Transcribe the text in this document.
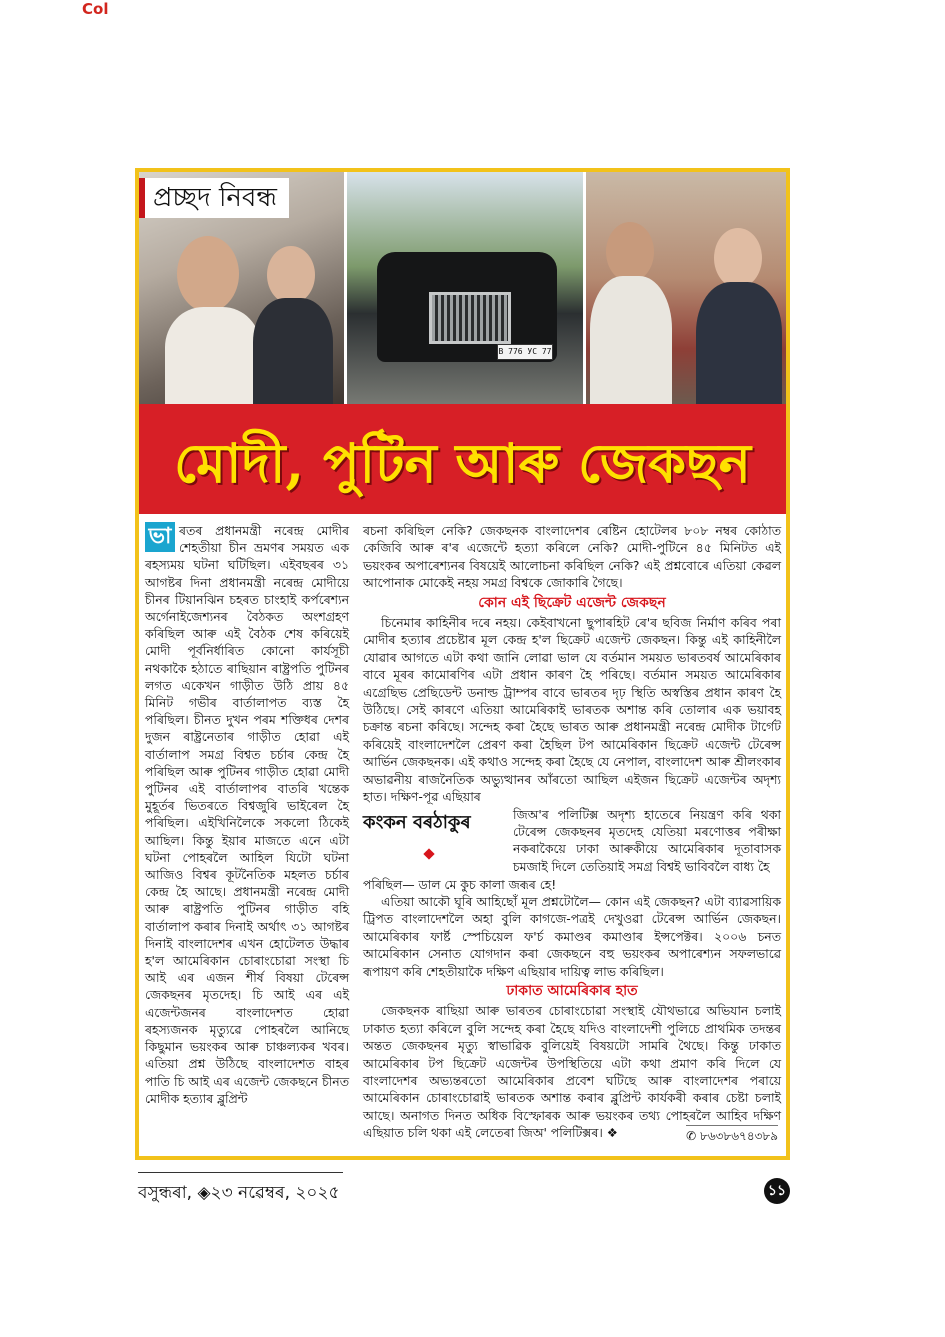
Col
В 776 УС 77
প্ৰচ্ছদ নিবন্ধ
মোদী, পুটিন আৰু জেকছন
ভা ৰতৰ প্ৰধানমন্ত্ৰী নৰেন্দ্ৰ মোদীৰ শেহতীয়া চীন ভ্ৰমণৰ সময়ত এক ৰহস্যময় ঘটনা ঘটিছিল। এইবছৰৰ ৩১ আগষ্টৰ দিনা প্ৰধানমন্ত্ৰী নৰেন্দ্ৰ মোদীয়ে চীনৰ টিয়ানঝিন চহৰত চাংহাই কৰ্পৰেশ্যন অৰ্গেনাইজেশ্যনৰ বৈঠকত অংশগ্ৰহণ কৰিছিল আৰু এই বৈঠক শেষ কৰিয়েই মোদী পূৰ্বনিৰ্ধাৰিত কোনো কাৰ্যসূচী নথকাকৈ হঠাতে ৰাছিয়ান ৰাষ্ট্ৰপতি পুটিনৰ লগত একেখন গাড়ীত উঠি প্ৰায় ৪৫ মিনিট গভীৰ বাৰ্তালাপত ব্যস্ত হৈ পৰিছিল। চীনত দুখন পৰম শক্তিধৰ দেশৰ দুজন ৰাষ্ট্ৰনেতাৰ গাড়ীত হোৱা এই বাৰ্তালাপ সমগ্ৰ বিশ্বত চৰ্চাৰ কেন্দ্ৰ হৈ পৰিছিল আৰু পুটিনৰ গাড়ীত হোৱা মোদী পুটিনৰ এই বাৰ্তালাপৰ বাতৰি খন্তেক মুহূৰ্তৰ ভিতৰতে বিশ্বজুৰি ভাইৰেল হৈ পৰিছিল। এইখিনিলৈকে সকলো ঠিকেই আছিল। কিন্তু ইয়াৰ মাজতে এনে এটা ঘটনা পোহৰলৈ আহিল যিটো ঘটনা আজিও বিশ্বৰ কূটনৈতিক মহলত চৰ্চাৰ কেন্দ্ৰ হৈ আছে। প্ৰধানমন্ত্ৰী নৰেন্দ্ৰ মোদী আৰু ৰাষ্ট্ৰপতি পুটিনৰ গাড়ীত বহি বাৰ্তালাপ কৰাৰ দিনাই অৰ্থাৎ ৩১ আগষ্টৰ দিনাই বাংলাদেশৰ এখন হোটেলত উদ্ধাৰ হ'ল আমেৰিকান চোৰাংচোৱা সংস্থা চি আই এৰ এজন শীৰ্ষ বিষয়া টেৰেন্স জেকছনৰ মৃতদেহ। চি আই এৰ এই এজেন্টজনৰ বাংলাদেশত হোৱা ৰহস্যজনক মৃত্যুৱে পোহৰলৈ আনিছে কিছুমান ভয়ংকৰ আৰু চাঞ্চল্যকৰ খবৰ। এতিয়া প্ৰশ্ন উঠিছে বাংলাদেশত বাহৰ পাতি চি আই এৰ এজেন্ট জেকছনে চীনত মোদীক হত্যাৰ ব্লুপ্ৰিন্ট

ৰচনা কৰিছিল নেকি? জেকছনক বাংলাদেশৰ ৰেষ্টিন হোটেলৰ ৮০৮ নম্বৰ কোঠাত কেজিবি আৰু ৰ'ৰ এজেন্টে হত্যা কৰিলে নেকি? মোদী-পুটিনে ৪৫ মিনিটত এই ভয়ংকৰ অপাৰেশ্যনৰ বিষয়েই আলোচনা কৰিছিল নেকি? এই প্ৰশ্নবোৰে এতিয়া কেৱল আপোনাক মোকেই নহয় সমগ্ৰ বিশ্বকে জোকাৰি গৈছে।

কোন এই ছিক্ৰেট এজেন্ট জেকছন

চিনেমাৰ কাহিনীৰ দৰে নহয়। কেইবাখনো ছুপাৰহিট ৰে'ৰ ছবিজ নিৰ্মাণ কৰিব পৰা মোদীৰ হত্যাৰ প্ৰচেষ্টাৰ মূল কেন্দ্ৰ হ'ল ছিক্ৰেট এজেন্ট জেকছন। কিন্তু এই কাহিনীলৈ যোৱাৰ আগতে এটা কথা জানি লোৱা ভাল যে বৰ্তমান সময়ত ভাৰতবৰ্ষ আমেৰিকাৰ বাবে মূৰৰ কামোৰণিৰ এটা প্ৰধান কাৰণ হৈ পৰিছে। বৰ্তমান সময়ত আমেৰিকাৰ এগ্ৰেছিভ প্ৰেছিডেন্ট ডনাল্ড ট্ৰাম্পৰ বাবে ভাৰতৰ দৃঢ় স্থিতি অস্বস্তিৰ প্ৰধান কাৰণ হৈ উঠিছে। সেই কাৰণে এতিয়া আমেৰিকাই ভাৰতক অশান্ত কৰি তোলাৰ এক ভয়াবহ চক্ৰান্ত ৰচনা কৰিছে। সন্দেহ কৰা হৈছে ভাৰত আৰু প্ৰধানমন্ত্ৰী নৰেন্দ্ৰ মোদীক টাৰ্গেট কৰিয়েই বাংলাদেশলৈ প্ৰেৰণ কৰা হৈছিল টপ আমেৰিকান ছিক্ৰেট এজেন্ট টেৰেন্স আৰ্ভিন জেকছনক। এই কথাও সন্দেহ কৰা হৈছে যে নেপাল, বাংলাদেশ আৰু শ্ৰীলংকাৰ অভাৱনীয় ৰাজনৈতিক অভ্যুত্থানৰ আঁৰতো আছিল এইজন ছিক্ৰেট এজেন্টৰ অদৃশ্য হাত। দক্ষিণ-পূৱ এছিয়াৰ

কংকন বৰঠাকুৰ	জিঅ'ৰ পলিটিক্স অদৃশ্য হাতেৰে নিয়ন্ত্ৰণ কৰি থকা টেৰেন্স জেকছনৰ মৃতদেহ যেতিয়া মৰণোত্তৰ পৰীক্ষা নকৰাকৈয়ে ঢাকা আৰুকীয়ে আমেৰিকাৰ দূতাবাসক চমজাই দিলে তেতিয়াই সমগ্ৰ বিশ্বই ভাবিবলৈ বাধ্য হৈ

পৰিছিল— ডাল মে কুচ কালা জৰূৰ হে!

এতিয়া আকৌ ঘূৰি আহিছোঁ মূল প্ৰশ্নটোলৈ— কোন এই জেকছন? এটা ব্যাৱসায়িক ট্ৰিপত বাংলাদেশলৈ অহা বুলি কাগজে-পত্ৰই দেখুওৱা টেৰেন্স আৰ্ভিন জেকছন। আমেৰিকাৰ ফাৰ্ষ্ট স্পেচিয়েল ফ'ৰ্চ কমাণ্ডৰ কমাণ্ডাৰ ইন্সপেক্টৰ। ২০০৬ চনত আমেৰিকান সেনাত যোগদান কৰা জেকছনে বহু ভয়ংকৰ অপাৰেশ্যন সফলভাৱে ৰূপায়ণ কৰি শেহতীয়াকৈ দক্ষিণ এছিয়াৰ দায়িত্ব লাভ কৰিছিল।

ঢাকাত আমেৰিকাৰ হাত

জেকছনক ৰাছিয়া আৰু ভাৰতৰ চোৰাংচোৱা সংস্থাই যৌথভাৱে অভিযান চলাই ঢাকাত হত্যা কৰিলে বুলি সন্দেহ কৰা হৈছে যদিও বাংলাদেশী পুলিচে প্ৰাথমিক তদন্তৰ অন্তত জেকছনৰ মৃত্যু স্বাভাৱিক বুলিয়েই বিষয়টো সামৰি থৈছে। কিন্তু ঢাকাত আমেৰিকাৰ টপ ছিক্ৰেট এজেন্টৰ উপস্থিতিয়ে এটা কথা প্ৰমাণ কৰি দিলে যে বাংলাদেশৰ অভ্যন্তৰতো আমেৰিকাৰ প্ৰবেশ ঘটিছে আৰু বাংলাদেশৰ পৰায়ে আমেৰিকান চোৰাংচোৱাই ভাৰতক অশান্ত কৰাৰ ব্লুপ্ৰিন্ট কাৰ্যকৰী কৰাৰ চেষ্টা চলাই আছে। অনাগত দিনত অধিক বিস্ফোৰক আৰু ভয়ংকৰ তথ্য পোহৰলৈ আহিব দক্ষিণ এছিয়াত চলি থকা এই লেতেৰা জিঅ' পলিটিক্সৰ। ❖	✆ ৮৬৩৮৬৭৪৩৮৯
বসুন্ধৰা, ◈২৩ নৱেম্বৰ, ২০২৫	১১
